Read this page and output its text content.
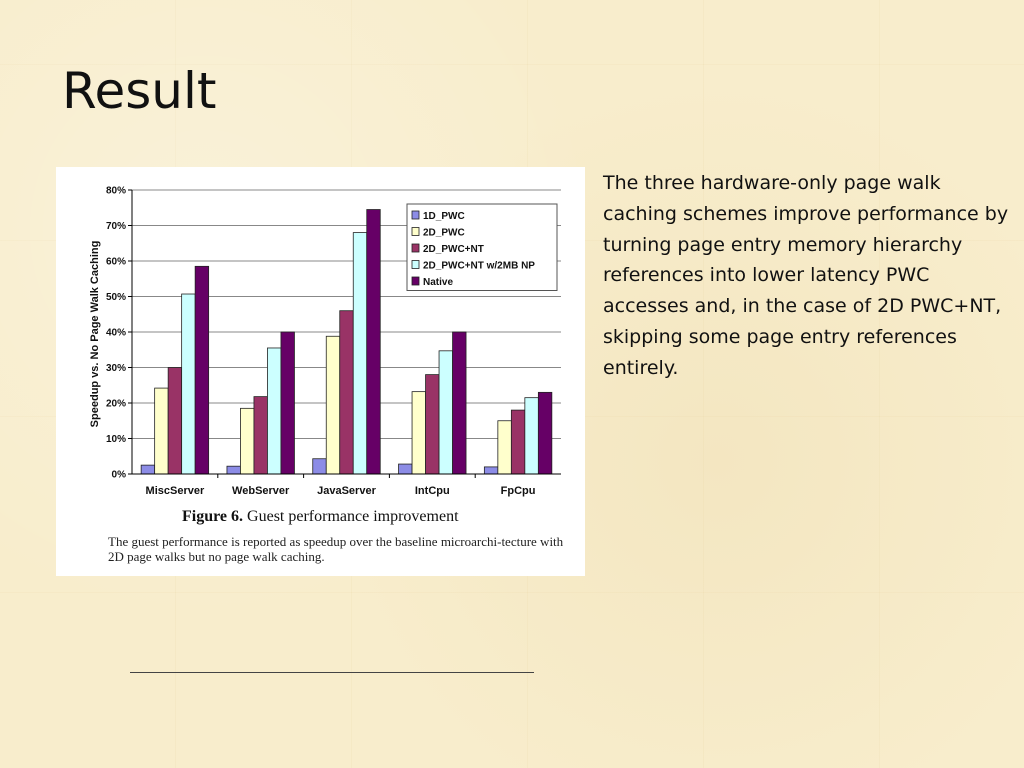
Result
0%
10%
20%
30%
40%
50%
60%
70%
80%
MiscServer	WebServer	JavaServer	IntCpu	FpCpu
1D_PWC
2D_PWC
2D_PWC+NT
2D_PWC+NT w/2MB NP
Native
Speedup vs. No Page Walk Caching
Figure 6. Guest performance improvement
The guest performance is reported as speedup over the baseline microarchi-tecture with 2D page walks but no page walk caching.
The three hardware-only page walk caching schemes improve performance by turning page entry memory hierarchy references into lower latency PWC accesses and, in the case of 2D PWC+NT, skipping some page entry references entirely.
